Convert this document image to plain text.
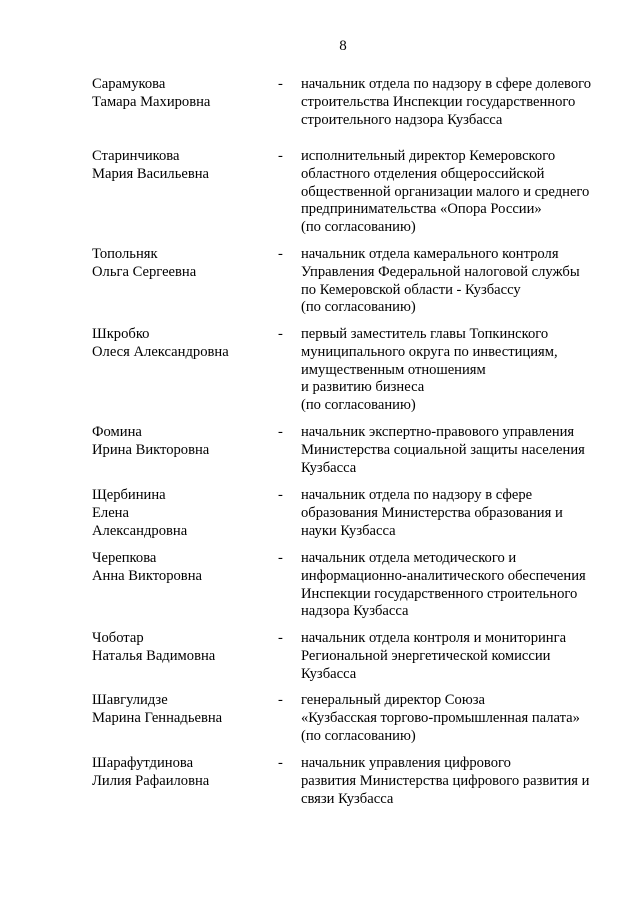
8
Сарамукова
Тамара Махировна
- начальник отдела по надзору в сфере долевого
строительства Инспекции государственного
строительного надзора Кузбасса
Старинчикова
Мария Васильевна
- исполнительный директор Кемеровского
областного отделения общероссийской
общественной организации малого и среднего
предпринимательства «Опора России»
(по согласованию)
Топольняк
Ольга Сергеевна
- начальник отдела камерального контроля
Управления Федеральной налоговой службы
по Кемеровской области - Кузбассу
(по согласованию)
Шкробко
Олеся Александровна
- первый заместитель главы Топкинского
муниципального округа по инвестициям,
имущественным отношениям
и развитию бизнеса
(по согласованию)
Фомина
Ирина Викторовна
- начальник экспертно-правового управления
Министерства социальной защиты населения
Кузбасса
Щербинина
Елена
Александровна
- начальник отдела по надзору в сфере
образования Министерства образования и
науки Кузбасса
Черепкова
Анна Викторовна
- начальник отдела методического и
информационно-аналитического обеспечения
Инспекции государственного строительного
надзора Кузбасса
Чоботар
Наталья Вадимовна
- начальник отдела контроля и мониторинга
Региональной энергетической комиссии
Кузбасса
Шавгулидзе
Марина Геннадьевна
- генеральный директор Союза
«Кузбасская торгово-промышленная палата»
(по согласованию)
Шарафутдинова
Лилия Рафаиловна
- начальник управления цифрового
развития Министерства цифрового развития и
связи Кузбасса
